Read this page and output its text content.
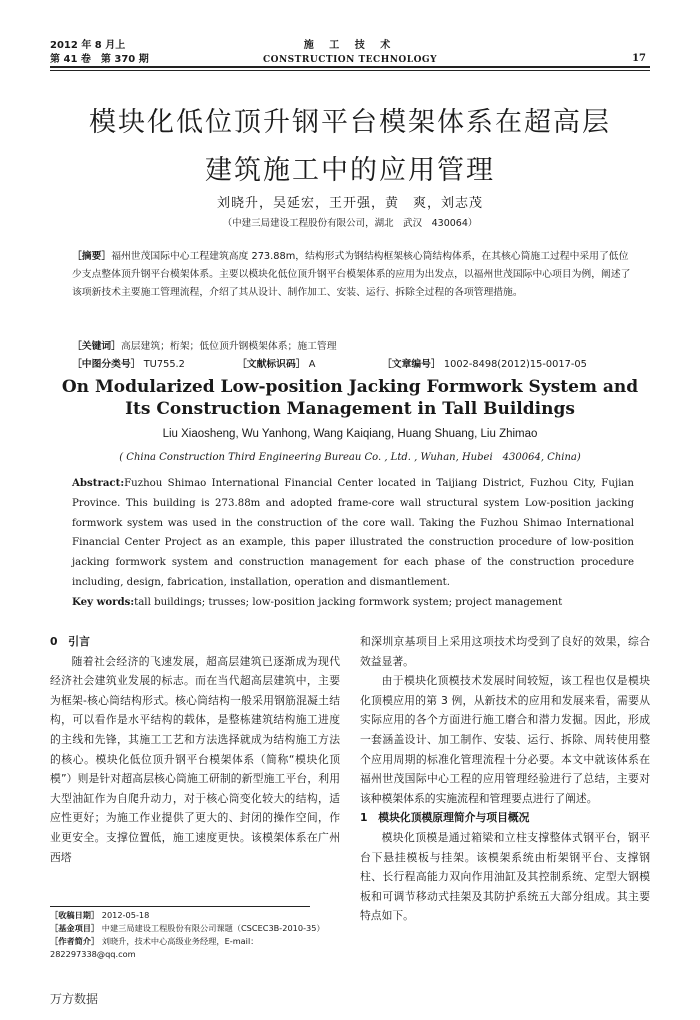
2012 年 8 月上
第 41 卷　第 370 期
施 工 技 术
CONSTRUCTION TECHNOLOGY	17
模块化低位顶升钢平台模架体系在超高层
建筑施工中的应用管理
刘晓升，吴延宏，王开强，黄　爽，刘志茂
（中建三局建设工程股份有限公司，湖北　武汉　430064）
［摘要］福州世茂国际中心工程建筑高度 273.88m，结构形式为钢结构框架核心筒结构体系，在其核心筒施工过程中采用了低位少支点整体顶升钢平台模架体系。主要以模块化低位顶升钢平台模架体系的应用为出发点，以福州世茂国际中心项目为例，阐述了该项新技术主要施工管理流程，介绍了其从设计、制作加工、安装、运行、拆除全过程的各项管理措施。
［关键词］高层建筑；桁架；低位顶升钢模架体系；施工管理
［中图分类号］ TU755.2	［文献标识码］ A	［文章编号］ 1002-8498(2012)15-0017-05
On Modularized Low-position Jacking Formwork System and
Its Construction Management in Tall Buildings
Liu Xiaosheng, Wu Yanhong, Wang Kaiqiang, Huang Shuang, Liu Zhimao
( China Construction Third Engineering Bureau Co. , Ltd. , Wuhan, Hubei　430064, China)
Abstract:Fuzhou Shimao International Financial Center located in Taijiang District, Fuzhou City, Fujian Province. This building is 273.88m and adopted frame-core wall structural system Low-position jacking formwork system was used in the construction of the core wall. Taking the Fuzhou Shimao International Financial Center Project as an example, this paper illustrated the construction procedure of low-position jacking formwork system and construction management for each phase of the construction procedure including, design, fabrication, installation, operation and dismantlement.
Key words:tall buildings; trusses; low-position jacking formwork system; project management
0　引言

随着社会经济的飞速发展，超高层建筑已逐渐成为现代经济社会建筑业发展的标志。而在当代超高层建筑中，主要为框架-核心筒结构形式。核心筒结构一般采用钢筋混凝土结构，可以看作是水平结构的载体，是整栋建筑结构施工进度的主线和先锋，其施工工艺和方法选择就成为结构施工方法的核心。模块化低位顶升钢平台模架体系（简称“模块化顶模”）则是针对超高层核心筒施工研制的新型施工平台，利用大型油缸作为自爬升动力，对于核心筒变化较大的结构，适应性更好；为施工作业提供了更大的、封闭的操作空间，作业更安全。支撑位置低，施工速度更快。该模架体系在广州西塔

和深圳京基项目上采用这项技术均受到了良好的效果，综合效益显著。

由于模块化顶模技术发展时间较短，该工程也仅是模块化顶模应用的第 3 例，从新技术的应用和发展来看，需要从实际应用的各个方面进行施工磨合和潜力发掘。因此，形成一套涵盖设计、加工制作、安装、运行、拆除、周转使用整个应用周期的标准化管理流程十分必要。本文中就该体系在福州世茂国际中心工程的应用管理经验进行了总结，主要对该种模架体系的实施流程和管理要点进行了阐述。

1　模块化顶模原理简介与项目概况

模块化顶模是通过箱梁和立柱支撑整体式钢平台，钢平台下悬挂模板与挂架。该模架系统由桁架钢平台、支撑钢柱、长行程高能力双向作用油缸及其控制系统、定型大钢模板和可调节移动式挂架及其防护系统五大部分组成。其主要特点如下。

［收稿日期］ 2012-05-18
［基金项目］ 中建三局建设工程股份有限公司课题（CSCEC3B-2010-35）
［作者简介］ 刘晓升，技术中心高级业务经理，E-mail：282297338@qq.com
万方数据
